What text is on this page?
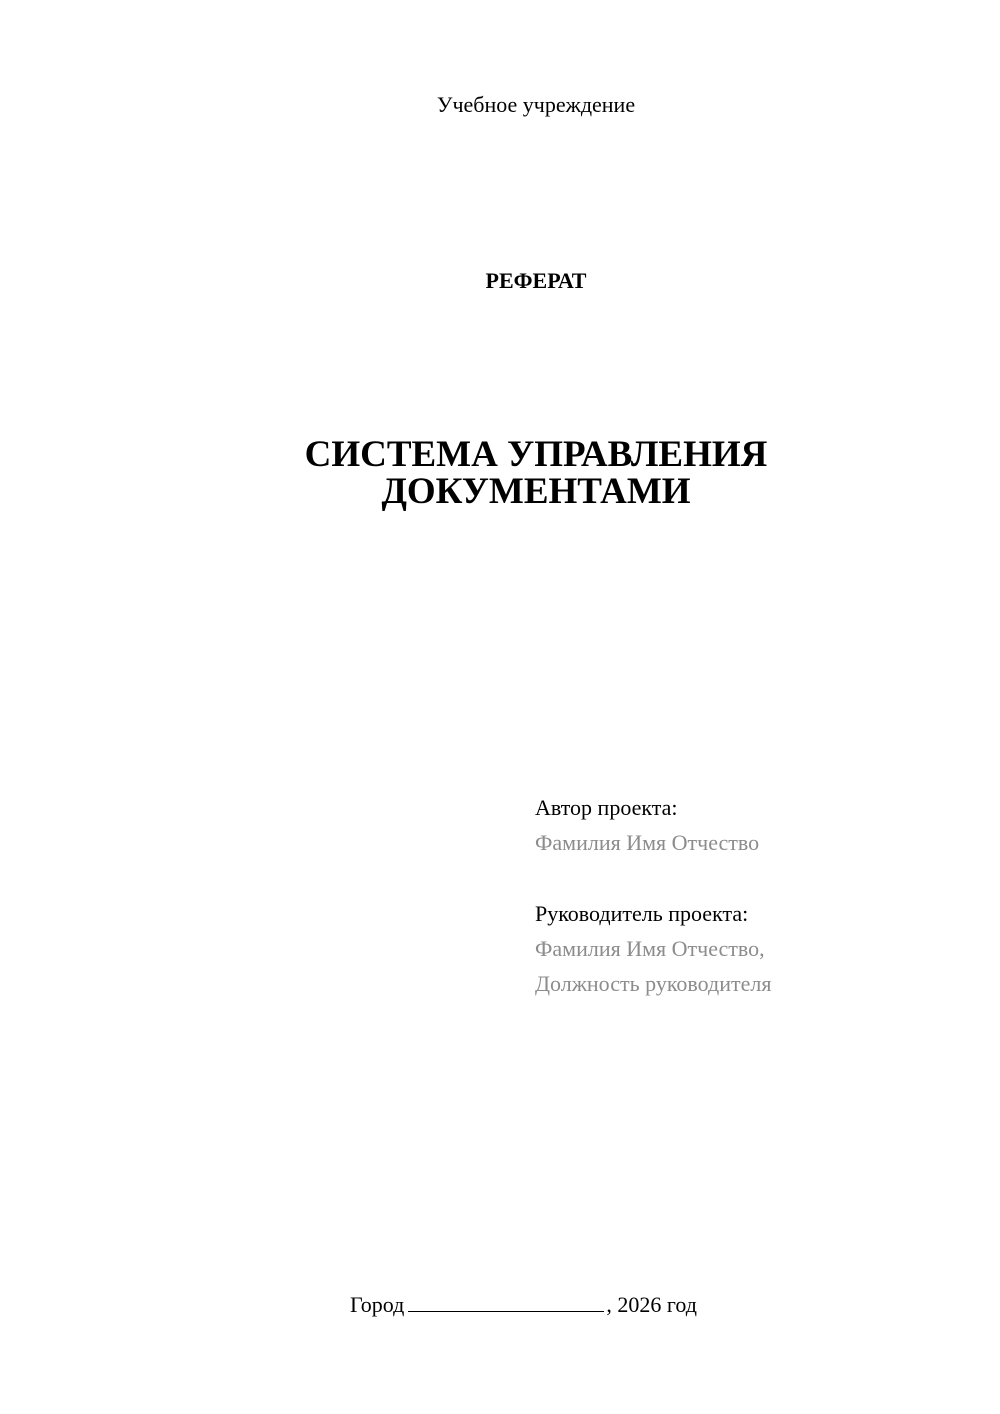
Учебное учреждение
РЕФЕРАТ
СИСТЕМА УПРАВЛЕНИЯ
ДОКУМЕНТАМИ
Автор проекта:
Фамилия Имя Отчество
Руководитель проекта:
Фамилия Имя Отчество,
Должность руководителя
Город	, 2026 год
